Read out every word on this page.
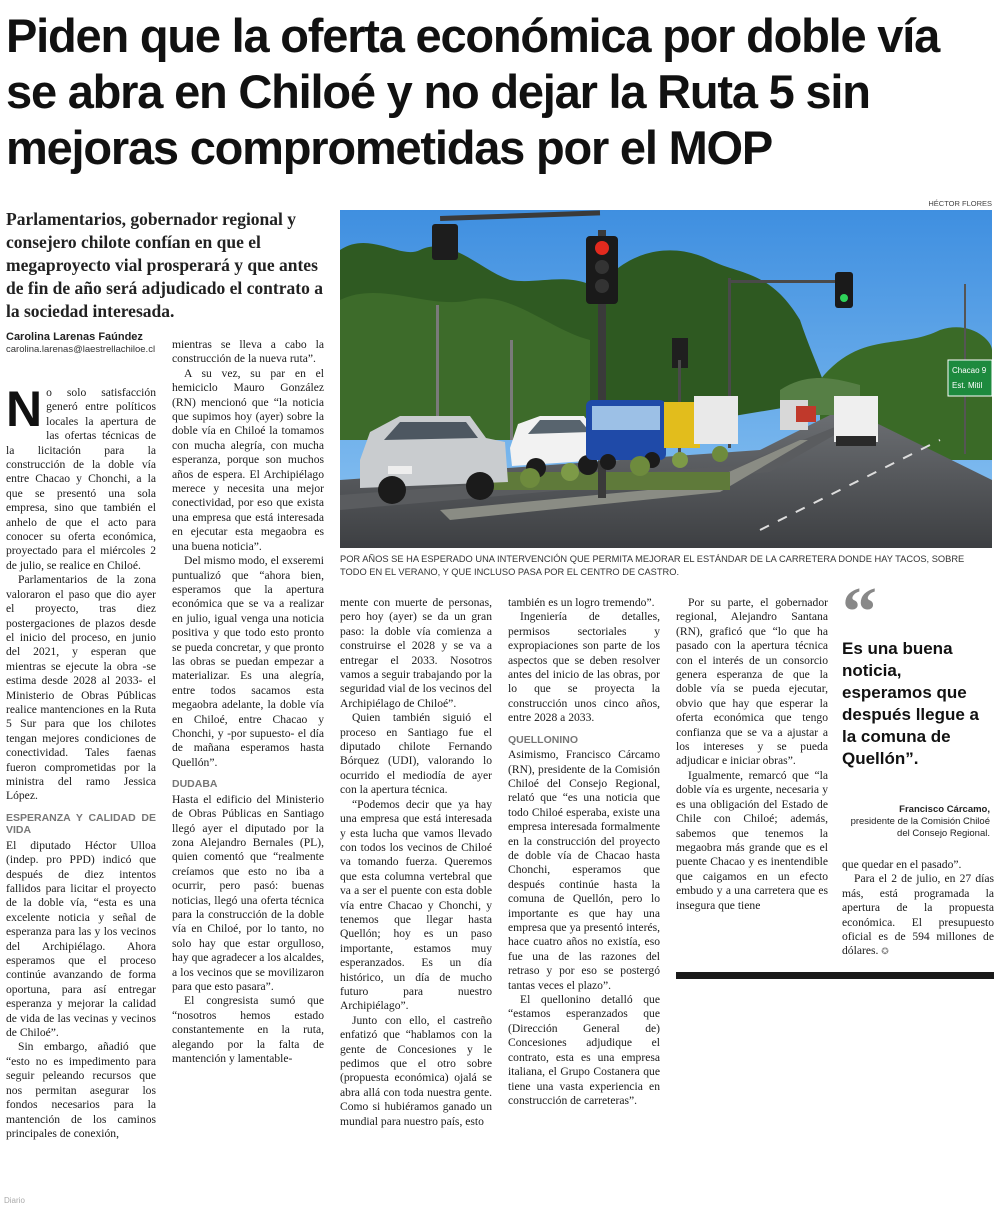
Piden que la oferta económica por doble vía se abra en Chiloé y no dejar la Ruta 5 sin mejoras comprometidas por el MOP

Parlamentarios, gobernador regional y consejero chilote confían en que el megaproyecto vial prosperará y que antes de fin de año será adjudicado el contrato a la sociedad interesada.

Carolina Larenas Faúndez
carolina.larenas@laestrellachiloe.cl
HÉCTOR FLORES
Chacao 9
Est. Mitil

POR AÑOS SE HA ESPERADO UNA INTERVENCIÓN QUE PERMITA MEJORAR EL ESTÁNDAR DE LA CARRETERA DONDE HAY TACOS, SOBRE TODO EN EL VERANO, Y QUE INCLUSO PASA POR EL CENTRO DE CASTRO.

No solo satisfacción generó entre políticos locales la apertura de las ofertas técnicas de la licitación para la construcción de la doble vía entre Chacao y Chonchi, a la que se presentó una sola empresa, sino que también el anhelo de que el acto para conocer su oferta económica, proyectado para el miércoles 2 de julio, se realice en Chiloé.

Parlamentarios de la zona valoraron el paso que dio ayer el proyecto, tras diez postergaciones de plazos desde el inicio del proceso, en junio del 2021, y esperan que mientras se ejecute la obra -se estima desde 2028 al 2033- el Ministerio de Obras Públicas realice mantenciones en la Ruta 5 Sur para que los chilotes tengan mejores condiciones de conectividad. Tales faenas fueron comprometidas por la ministra del ramo Jessica López.

ESPERANZA Y CALIDAD DE VIDA

El diputado Héctor Ulloa (indep. pro PPD) indicó que después de diez intentos fallidos para licitar el proyecto de la doble vía, “esta es una excelente noticia y señal de esperanza para las y los vecinos del Archipiélago. Ahora esperamos que el proceso continúe avanzando de forma oportuna, para así entregar esperanza y mejorar la calidad de vida de las vecinas y vecinos de Chiloé”.

Sin embargo, añadió que “esto no es impedimento para seguir peleando recursos que nos permitan asegurar los fondos necesarios para la mantención de los caminos principales de conexión,

mientras se lleva a cabo la construcción de la nueva ruta”.

A su vez, su par en el hemiciclo Mauro González (RN) mencionó que “la noticia que supimos hoy (ayer) sobre la doble vía en Chiloé la tomamos con mucha alegría, con mucha esperanza, porque son muchos años de espera. El Archipiélago merece y necesita una mejor conectividad, por eso que exista una empresa que está interesada en ejecutar esta megaobra es una buena noticia”.

Del mismo modo, el exseremi puntualizó que “ahora bien, esperamos que la apertura económica que se va a realizar en julio, igual venga una noticia positiva y que todo esto pronto se pueda concretar, y que pronto las obras se puedan empezar a materializar. Es una alegría, entre todos sacamos esta megaobra adelante, la doble vía en Chiloé, entre Chacao y Chonchi, y -por supuesto- el día de mañana esperamos hasta Quellón”.

DUDABA

Hasta el edificio del Ministerio de Obras Públicas en Santiago llegó ayer el diputado por la zona Alejandro Bernales (PL), quien comentó que “realmente creíamos que esto no iba a ocurrir, pero pasó: buenas noticias, llegó una oferta técnica para la construcción de la doble vía en Chiloé, por lo tanto, no solo hay que estar orgulloso, hay que agradecer a los alcaldes, a los vecinos que se movilizaron para que esto pasara”.

El congresista sumó que “nosotros hemos estado constantemente en la ruta, alegando por la falta de mantención y lamentable-

mente con muerte de personas, pero hoy (ayer) se da un gran paso: la doble vía comienza a construirse el 2028 y se va a entregar el 2033. Nosotros vamos a seguir trabajando por la seguridad vial de los vecinos del Archipiélago de Chiloé”.

Quien también siguió el proceso en Santiago fue el diputado chilote Fernando Bórquez (UDI), valorando lo ocurrido el mediodía de ayer con la apertura técnica.

“Podemos decir que ya hay una empresa que está interesada y esta lucha que vamos llevado con todos los vecinos de Chiloé va tomando fuerza. Queremos que esta columna vertebral que va a ser el puente con esta doble vía entre Chacao y Chonchi, y tenemos que llegar hasta Quellón; hoy es un paso importante, estamos muy esperanzados. Es un día histórico, un día de mucho futuro para nuestro Archipiélago”.

Junto con ello, el castreño enfatizó que “hablamos con la gente de Concesiones y le pedimos que el otro sobre (propuesta económica) ojalá se abra allá con toda nuestra gente. Como si hubiéramos ganado un mundial para nuestro país, esto

también es un logro tremendo”.

Ingeniería de detalles, permisos sectoriales y expropiaciones son parte de los aspectos que se deben resolver antes del inicio de las obras, por lo que se proyecta la construcción unos cinco años, entre 2028 a 2033.

QUELLONINO

Asimismo, Francisco Cárcamo (RN), presidente de la Comisión Chiloé del Consejo Regional, relató que “es una noticia que todo Chiloé esperaba, existe una empresa interesada formalmente en la construcción del proyecto de doble vía de Chacao hasta Chonchi, esperamos que después continúe hasta la comuna de Quellón, pero lo importante es que hay una empresa que ya presentó interés, hace cuatro años no existía, eso fue una de las razones del retraso y por eso se postergó tantas veces el plazo”.

El quellonino detalló que “estamos esperanzados que (Dirección General de) Concesiones adjudique el contrato, esta es una empresa italiana, el Grupo Costanera que tiene una vasta experiencia en construcción de carreteras”.

Por su parte, el gobernador regional, Alejandro Santana (RN), graficó que “lo que ha pasado con la apertura técnica con el interés de un consorcio genera esperanza de que la doble vía se pueda ejecutar, obvio que hay que esperar la oferta económica que tengo confianza que se va a ajustar a los intereses y se pueda adjudicar e iniciar obras”.

Igualmente, remarcó que “la doble vía es urgente, necesaria y es una obligación del Estado de Chile con Chiloé; además, sabemos que tenemos la megaobra más grande que es el puente Chacao y es inentendible que caigamos en un efecto embudo y a una carretera que es insegura que tiene

“

Es una buena noticia, esperamos que después llegue a la comuna de Quellón”.

Francisco Cárcamo,
presidente de la Comisión Chiloé del Consejo Regional.

que quedar en el pasado”.

Para el 2 de julio, en 27 días más, está programada la apertura de la propuesta económica. El presupuesto oficial es de 594 millones de dólares. ✪

Diario
